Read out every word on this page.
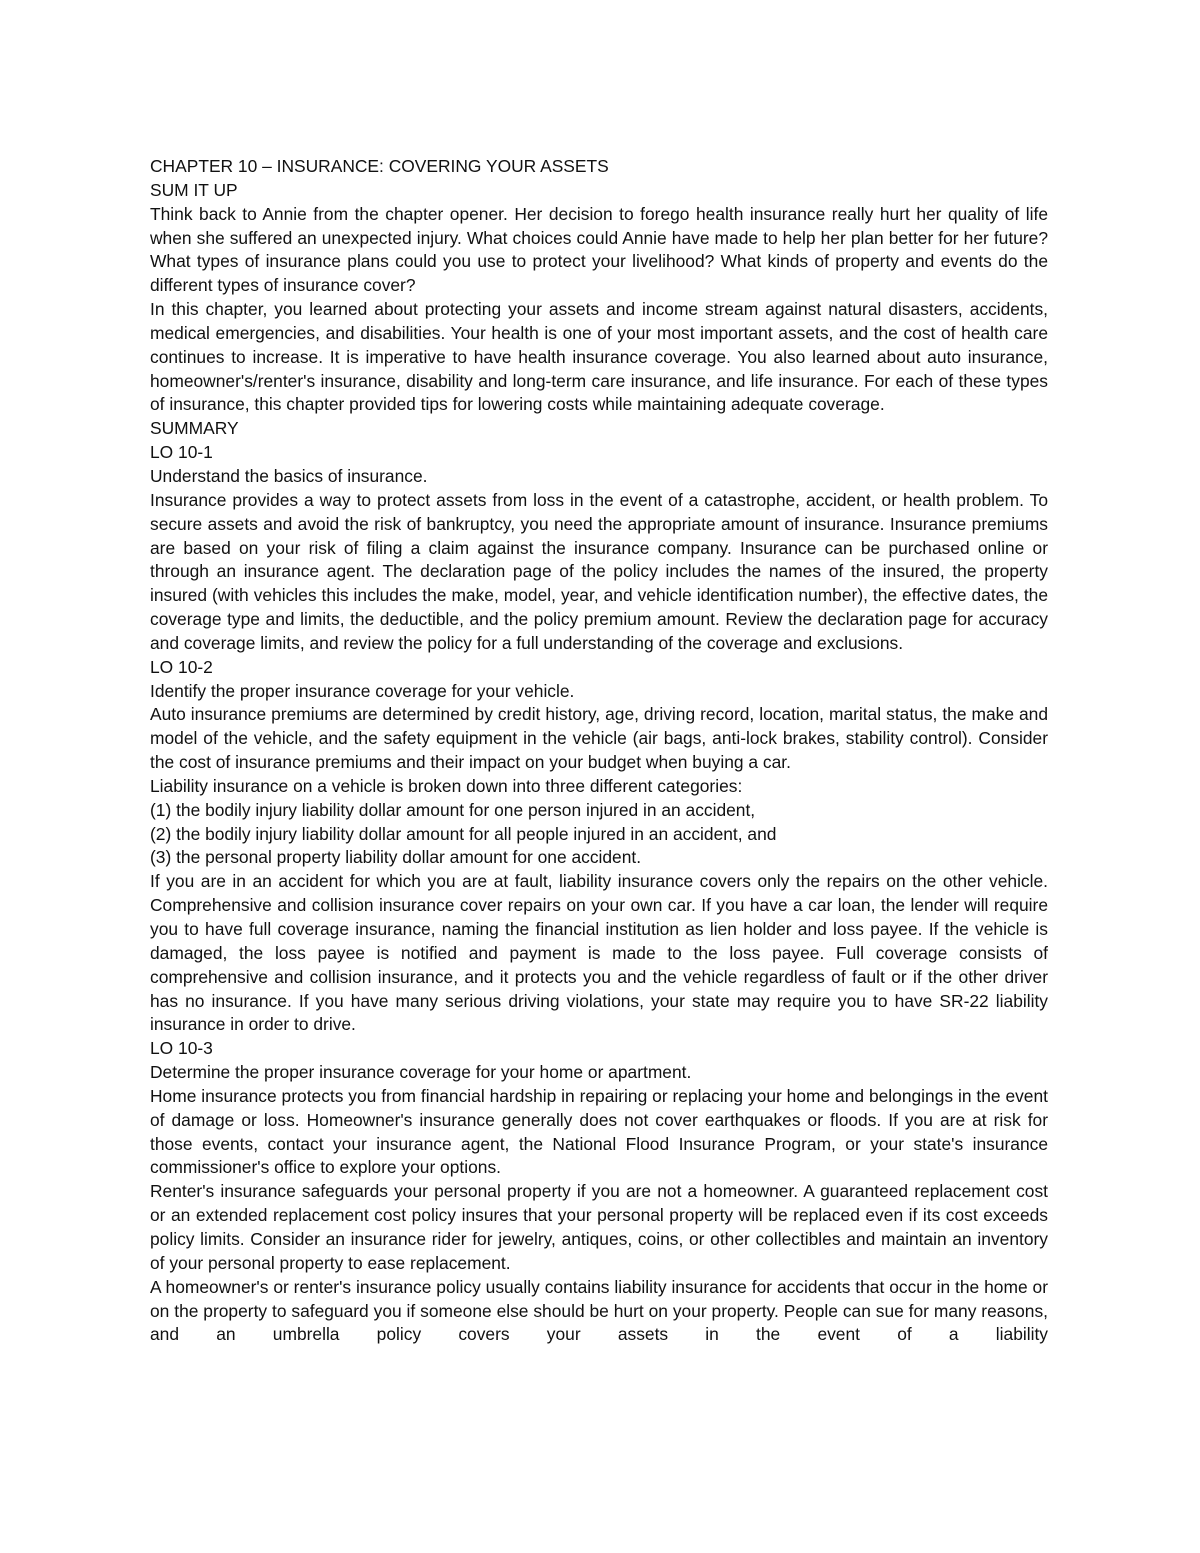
CHAPTER 10 – INSURANCE: COVERING YOUR ASSETS
SUM IT UP

Think back to Annie from the chapter opener. Her decision to forego health insurance really hurt her quality of life when she suffered an unexpected injury. What choices could Annie have made to help her plan better for her future? What types of insurance plans could you use to protect your livelihood? What kinds of property and events do the different types of insurance cover?

In this chapter, you learned about protecting your assets and income stream against natural disasters, accidents, medical emergencies, and disabilities. Your health is one of your most important assets, and the cost of health care continues to increase. It is imperative to have health insurance coverage. You also learned about auto insurance, homeowner's/renter's insurance, disability and long-term care insurance, and life insurance. For each of these types of insurance, this chapter provided tips for lowering costs while maintaining adequate coverage.

SUMMARY
LO 10-1
Understand the basics of insurance.

Insurance provides a way to protect assets from loss in the event of a catastrophe, accident, or health problem. To secure assets and avoid the risk of bankruptcy, you need the appropriate amount of insurance. Insurance premiums are based on your risk of filing a claim against the insurance company. Insurance can be purchased online or through an insurance agent. The declaration page of the policy includes the names of the insured, the property insured (with vehicles this includes the make, model, year, and vehicle identification number), the effective dates, the coverage type and limits, the deductible, and the policy premium amount. Review the declaration page for accuracy and coverage limits, and review the policy for a full understanding of the coverage and exclusions.

LO 10-2
Identify the proper insurance coverage for your vehicle.

Auto insurance premiums are determined by credit history, age, driving record, location, marital status, the make and model of the vehicle, and the safety equipment in the vehicle (air bags, anti-lock brakes, stability control). Consider the cost of insurance premiums and their impact on your budget when buying a car.

Liability insurance on a vehicle is broken down into three different categories:
(1) the bodily injury liability dollar amount for one person injured in an accident,
(2) the bodily injury liability dollar amount for all people injured in an accident, and
(3) the personal property liability dollar amount for one accident.

If you are in an accident for which you are at fault, liability insurance covers only the repairs on the other vehicle. Comprehensive and collision insurance cover repairs on your own car. If you have a car loan, the lender will require you to have full coverage insurance, naming the financial institution as lien holder and loss payee. If the vehicle is damaged, the loss payee is notified and payment is made to the loss payee. Full coverage consists of comprehensive and collision insurance, and it protects you and the vehicle regardless of fault or if the other driver has no insurance. If you have many serious driving violations, your state may require you to have SR-22 liability insurance in order to drive.

LO 10-3
Determine the proper insurance coverage for your home or apartment.

Home insurance protects you from financial hardship in repairing or replacing your home and belongings in the event of damage or loss. Homeowner's insurance generally does not cover earthquakes or floods. If you are at risk for those events, contact your insurance agent, the National Flood Insurance Program, or your state's insurance commissioner's office to explore your options.

Renter's insurance safeguards your personal property if you are not a homeowner. A guaranteed replacement cost or an extended replacement cost policy insures that your personal property will be replaced even if its cost exceeds policy limits. Consider an insurance rider for jewelry, antiques, coins, or other collectibles and maintain an inventory of your personal property to ease replacement.

A homeowner's or renter's insurance policy usually contains liability insurance for accidents that occur in the home or on the property to safeguard you if someone else should be hurt on your property. People can sue for many reasons, and an umbrella policy covers your assets in the event of a liability
